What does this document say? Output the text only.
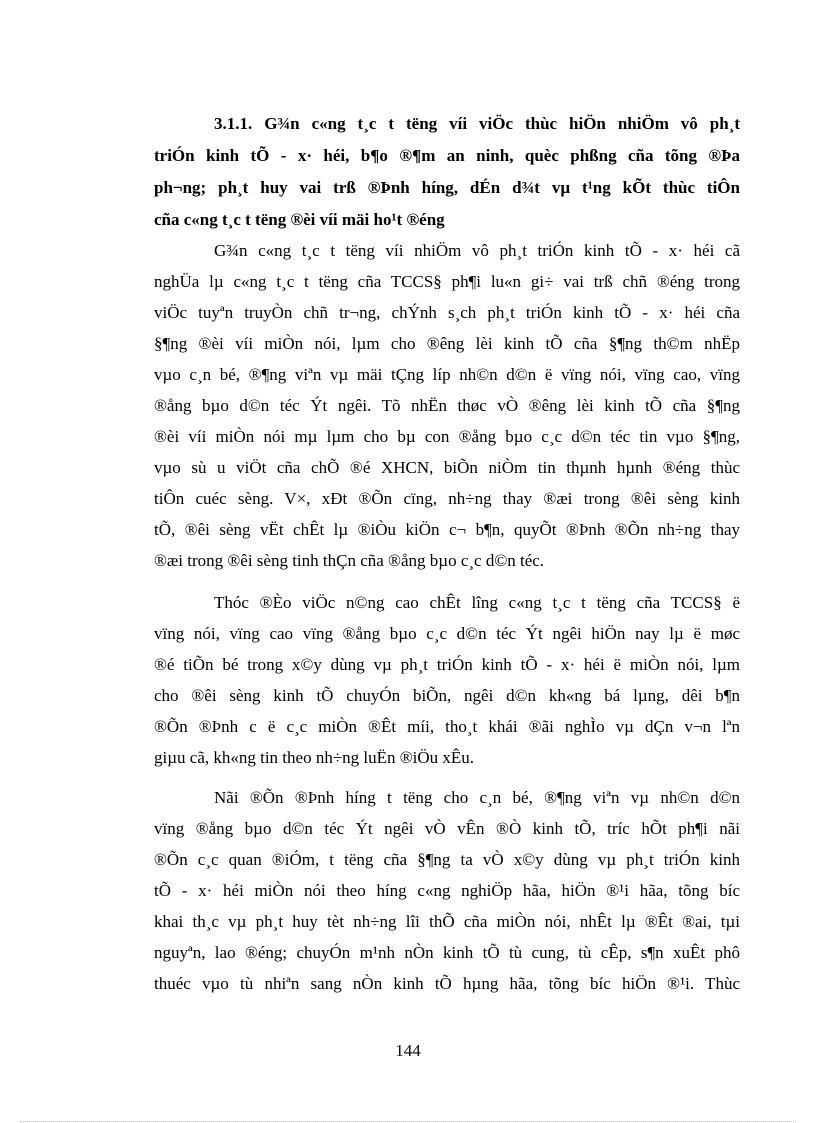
3.1.1. G¾n c«ng t¸c t tëng víi viÖc thùc hiÖn nhiÖm vô ph¸t
triÓn kinh tÕ - x· héi, b¶o ®¶m an ninh, quèc phßng cña tõng ®Þa
ph¬ng; ph¸t huy vai trß ®Þnh híng, dÉn d¾t vµ t¹ng kÕt thùc tiÔn
cña c«ng t¸c t tëng ®èi víi mäi ho¹t ®éng
G¾n c«ng t¸c t tëng víi nhiÖm vô ph¸t triÓn kinh tÕ - x· héi cã
nghÜa lµ c«ng t¸c t tëng cña TCCS§ ph¶i lu«n gi÷ vai trß chñ ®éng trong
viÖc tuyªn truyÒn chñ tr¬ng, chÝnh s¸ch ph¸t triÓn kinh tÕ - x· héi cña
§¶ng ®èi víi miÒn nói, lµm cho ®êng lèi kinh tÕ cña §¶ng th©m nhËp
vµo c¸n bé, ®¶ng viªn vµ mäi tÇng líp nh©n d©n ë vïng nói, vïng cao, vïng
®ång bµo d©n téc Ýt ngêi. Tõ nhËn thøc vÒ ®êng lèi kinh tÕ cña §¶ng
®èi víi miÒn nói mµ lµm cho bµ con ®ång bµo c¸c d©n téc tin vµo §¶ng,
vµo sù u viÖt cña chÕ ®é XHCN, biÕn niÒm tin thµnh hµnh ®éng thùc
tiÔn cuéc sèng. V×, xÐt ®Õn cïng, nh÷ng thay ®æi trong ®êi sèng kinh
tÕ, ®êi sèng vËt chÊt lµ ®iÒu kiÖn c¬ b¶n, quyÕt ®Þnh ®Õn nh÷ng thay
®æi trong ®êi sèng tinh thÇn cña ®ång bµo c¸c d©n téc.
Thóc ®Èo viÖc n©ng cao chÊt lîng c«ng t¸c t tëng cña TCCS§ ë
vïng nói, vïng cao vïng ®ång bµo c¸c d©n téc Ýt ngêi hiÖn nay lµ ë møc
®é tiÕn bé trong x©y dùng vµ ph¸t triÓn kinh tÕ - x· héi ë miÒn nói, lµm
cho ®êi sèng kinh tÕ chuyÓn biÕn, ngêi d©n kh«ng bá lµng, dêi b¶n
®Õn ®Þnh c ë c¸c miÒn ®Êt míi, tho¸t khái ®ãi nghÌo vµ dÇn v¬n lªn
giµu cã, kh«ng tin theo nh÷ng luËn ®iÖu xÊu.
Nãi ®Õn ®Þnh híng t tëng cho c¸n bé, ®¶ng viªn vµ nh©n d©n
vïng ®ång bµo d©n téc Ýt ngêi vÒ vÊn ®Ò kinh tÕ, tríc hÕt ph¶i nãi
®Õn c¸c quan ®iÓm, t tëng cña §¶ng ta vÒ x©y dùng vµ ph¸t triÓn kinh
tÕ - x· héi miÒn nói theo híng c«ng nghiÖp hãa, hiÖn ®¹i hãa, tõng bíc
khai th¸c vµ ph¸t huy tèt nh÷ng lîi thÕ cña miÒn nói, nhÊt lµ ®Êt ®ai, tµi
nguyªn, lao ®éng; chuyÓn m¹nh nÒn kinh tÕ tù cung, tù cÊp, s¶n xuÊt phô
thuéc vµo tù nhiªn sang nÒn kinh tÕ hµng hãa, tõng bíc hiÖn ®¹i. Thùc
144
